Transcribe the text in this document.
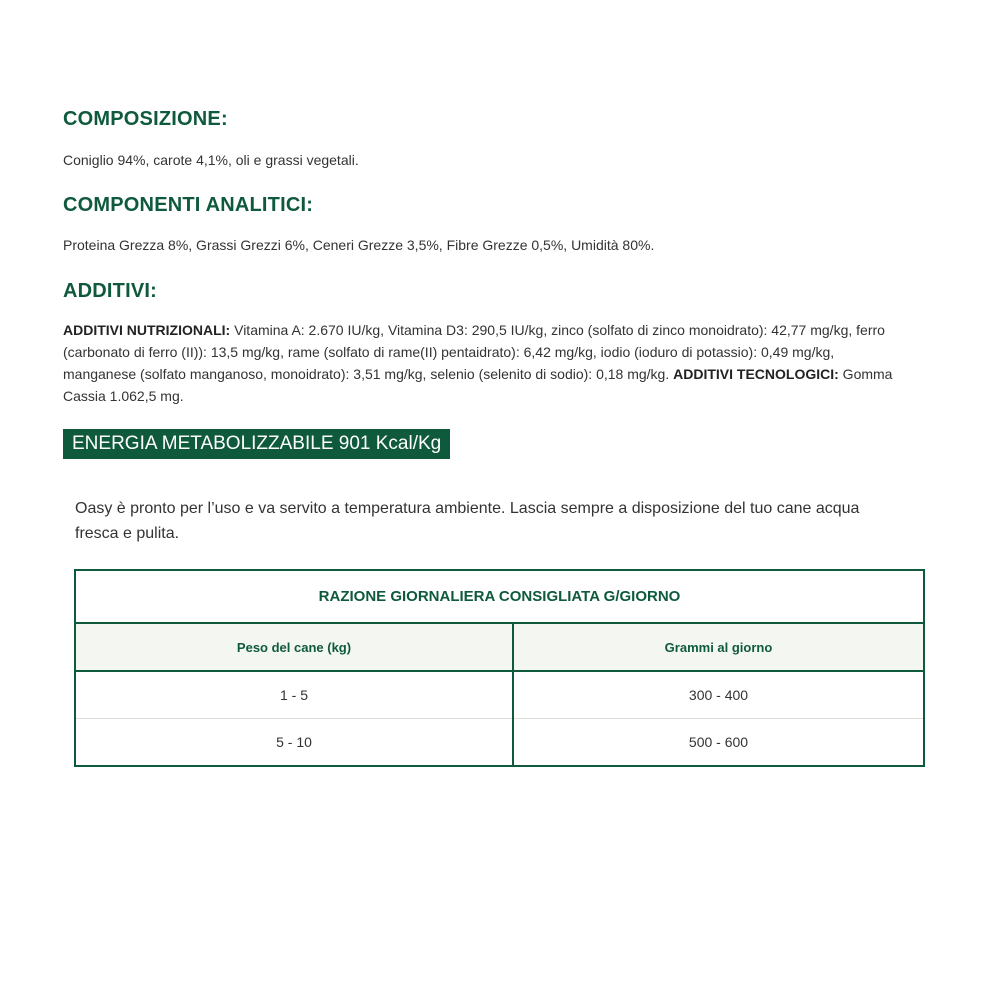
COMPOSIZIONE:
Coniglio 94%, carote 4,1%, oli e grassi vegetali.
COMPONENTI ANALITICI:
Proteina Grezza 8%, Grassi Grezzi 6%, Ceneri Grezze 3,5%, Fibre Grezze 0,5%, Umidità 80%.
ADDITIVI:
ADDITIVI NUTRIZIONALI: Vitamina A: 2.670 IU/kg, Vitamina D3: 290,5 IU/kg, zinco (solfato di zinco monoidrato): 42,77 mg/kg, ferro (carbonato di ferro (II)): 13,5 mg/kg, rame (solfato di rame(II) pentaidrato): 6,42 mg/kg, iodio (ioduro di potassio): 0,49 mg/kg, manganese (solfato manganoso, monoidrato): 3,51 mg/kg, selenio (selenito di sodio): 0,18 mg/kg. ADDITIVI TECNOLOGICI: Gomma Cassia 1.062,5 mg.
ENERGIA METABOLIZZABILE 901 Kcal/Kg
Oasy è pronto per l’uso e va servito a temperatura ambiente. Lascia sempre a disposizione del tuo cane acqua fresca e pulita.
RAZIONE GIORNALIERA CONSIGLIATA G/GIORNO	
Peso del cane (kg)	Grammi al giorno
1 - 5	300 - 400
5 - 10	500 - 600
